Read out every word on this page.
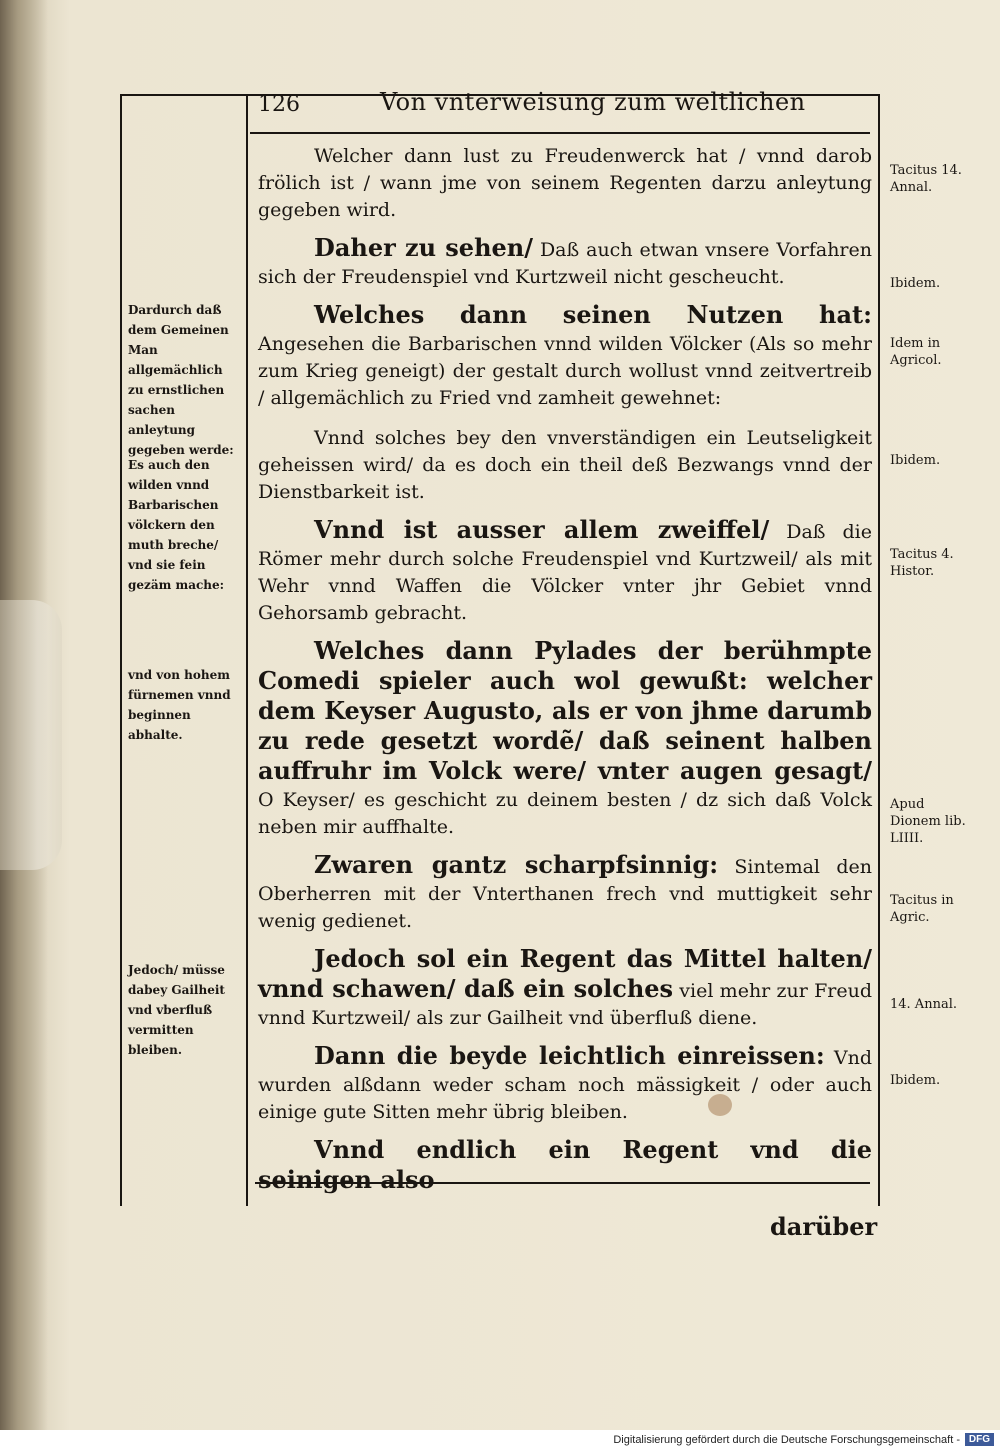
126	Von vnterweisung zum weltlichen

Welcher dann lust zu Freudenwerck hat / vnnd darob frölich ist / wann jme von seinem Regenten darzu anleytung gegeben wird.

Daher zu sehen/ Daß auch etwan vnsere Vorfahren sich der Freudenspiel vnd Kurtzweil nicht gescheucht.

Welches dann seinen Nutzen hat: Angesehen die Barbarischen vnnd wilden Völcker (Als so mehr zum Krieg geneigt) der gestalt durch wollust vnnd zeitvertreib / allgemächlich zu Fried vnd zamheit gewehnet:

Vnnd solches bey den vnverständigen ein Leutseligkeit geheissen wird/ da es doch ein theil deß Bezwangs vnnd der Dienstbarkeit ist.

Vnnd ist ausser allem zweiffel/ Daß die Römer mehr durch solche Freudenspiel vnd Kurtzweil/ als mit Wehr vnnd Waffen die Völcker vnter jhr Gebiet vnnd Gehorsamb gebracht.

Welches dann Pylades der berühmpte Comedi spieler auch wol gewußt: welcher dem Keyser Augusto, als er von jhme darumb zu rede gesetzt wordẽ/ daß seinent halben auffruhr im Volck were/ vnter augen gesagt/ O Keyser/ es geschicht zu deinem besten / dz sich daß Volck neben mir auffhalte.

Zwaren gantz scharpfsinnig: Sintemal den Oberherren mit der Vnterthanen frech vnd muttigkeit sehr wenig gedienet.

Jedoch sol ein Regent das Mittel halten/ vnnd schawen/ daß ein solches viel mehr zur Freud vnnd Kurtzweil/ als zur Gailheit vnd überfluß diene.

Dann die beyde leichtlich einreissen: Vnd wurden alßdann weder scham noch mässigkeit / oder auch einige gute Sitten mehr übrig bleiben.

Vnnd endlich ein Regent vnd die seinigen also

Dardurch daß dem Gemeinen Man allgemächlich zu ernstlichen sachen anleytung gegeben werde:
Es auch den wilden vnnd Barbarischen völckern den muth breche/ vnd sie fein gezäm mache:
vnd von hohem fürnemen vnnd beginnen abhalte.
Jedoch/ müsse dabey Gailheit vnd vberfluß vermitten bleiben.
Tacitus 14. Annal.
Ibidem.
Idem in Agricol.
Ibidem.
Tacitus 4. Histor.
Apud Dionem lib. LIIII.
Tacitus in Agric.
14. Annal.
Ibidem.
darüber
Digitalisierung gefördert durch die Deutsche Forschungsgemeinschaft - DFG
